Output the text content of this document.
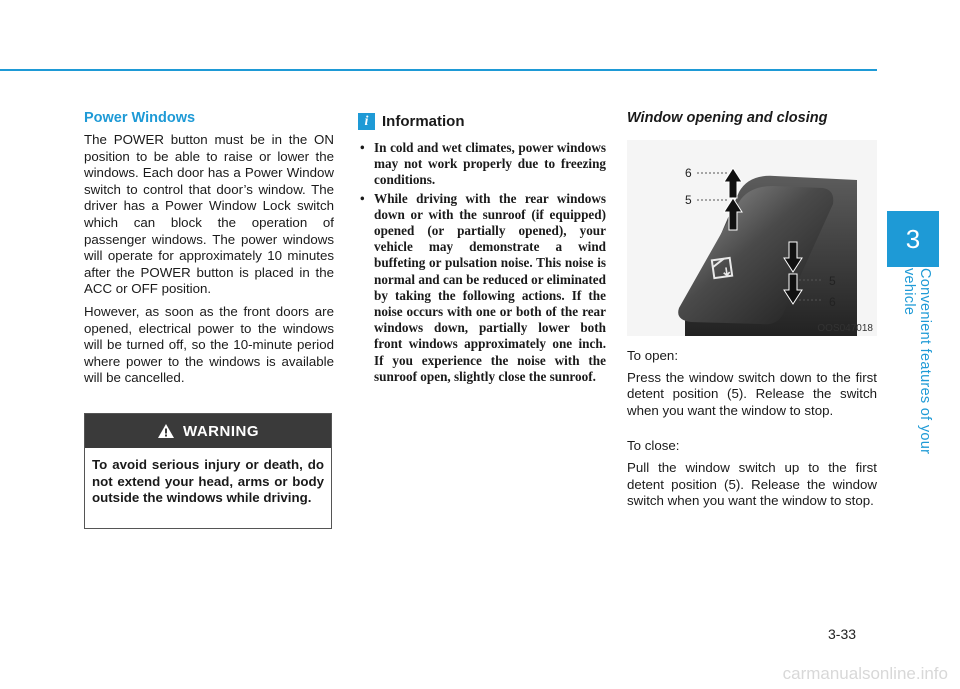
Power Windows

The POWER button must be in the ON position to be able to raise or lower the windows. Each door has a Power Window switch to control that door’s window. The driver has a Power Window Lock switch which can block the operation of passenger windows. The power windows will operate for approximately 10 minutes after the POWER button is placed in the ACC or OFF position.

However, as soon as the front doors are opened, electrical power to the windows will be turned off, so the 10-minute period where power to the windows is available will be cancelled.

WARNING
To avoid serious injury or death, do not extend your head, arms or body outside the windows while driving.
i Information
• In cold and wet climates, power windows may not work properly due to freezing conditions.
• While driving with the rear windows down or with the sunroof (if equipped) opened (or partially opened), your vehicle may demonstrate a wind buffeting or pulsation noise. This noise is normal and can be reduced or eliminated by taking the following actions. If the noise occurs with one or both of the rear windows down, partially lower both front windows approximately one inch. If you experience the noise with the sunroof open, slightly close the sunroof.
Window opening and closing
6
5
5
6
OOS047018

To open:

Press the window switch down to the first detent position (5). Release the switch when you want the window to stop.

To close:

Pull the window switch up to the first detent position (5). Release the window switch when you want the window to stop.

3
Convenient features of your vehicle
3-33
carmanualsonline.info
